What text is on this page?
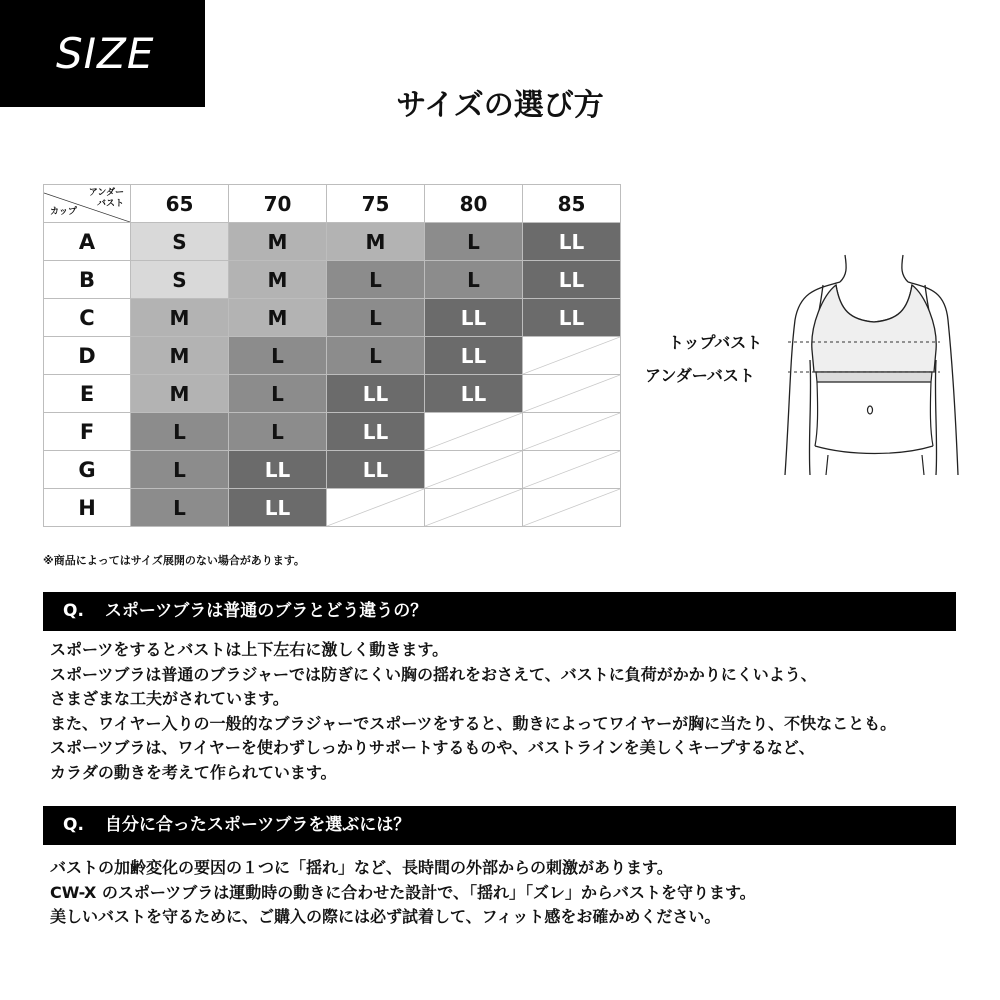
SIZE
サイズの選び方
アンダー
バスト
カップ	65	70	75	80	85
A	S	M	M	L	LL
B	S	M	L	L	LL
C	M	M	L	LL	LL
D	M	L	L	LL	

E	M	L	LL	LL	

F	L	L	LL	

G	L	LL	LL	

H	L	LL	

※商品によってはサイズ展開のない場合があります。
トップバスト
アンダーバスト
Q. スポーツブラは普通のブラとどう違うの？
スポーツをするとバストは上下左右に激しく動きます。
スポーツブラは普通のブラジャーでは防ぎにくい胸の揺れをおさえて、バストに負荷がかかりにくいよう、
さまざまな工夫がされています。
また、ワイヤー入りの一般的なブラジャーでスポーツをすると、動きによってワイヤーが胸に当たり、不快なことも。
スポーツブラは、ワイヤーを使わずしっかりサポートするものや、バストラインを美しくキープするなど、
カラダの動きを考えて作られています。
Q. 自分に合ったスポーツブラを選ぶには？
バストの加齢変化の要因の１つに「揺れ」など、長時間の外部からの刺激があります。
CW-X のスポーツブラは運動時の動きに合わせた設計で、「揺れ」「ズレ」からバストを守ります。
美しいバストを守るために、ご購入の際には必ず試着して、フィット感をお確かめください。
